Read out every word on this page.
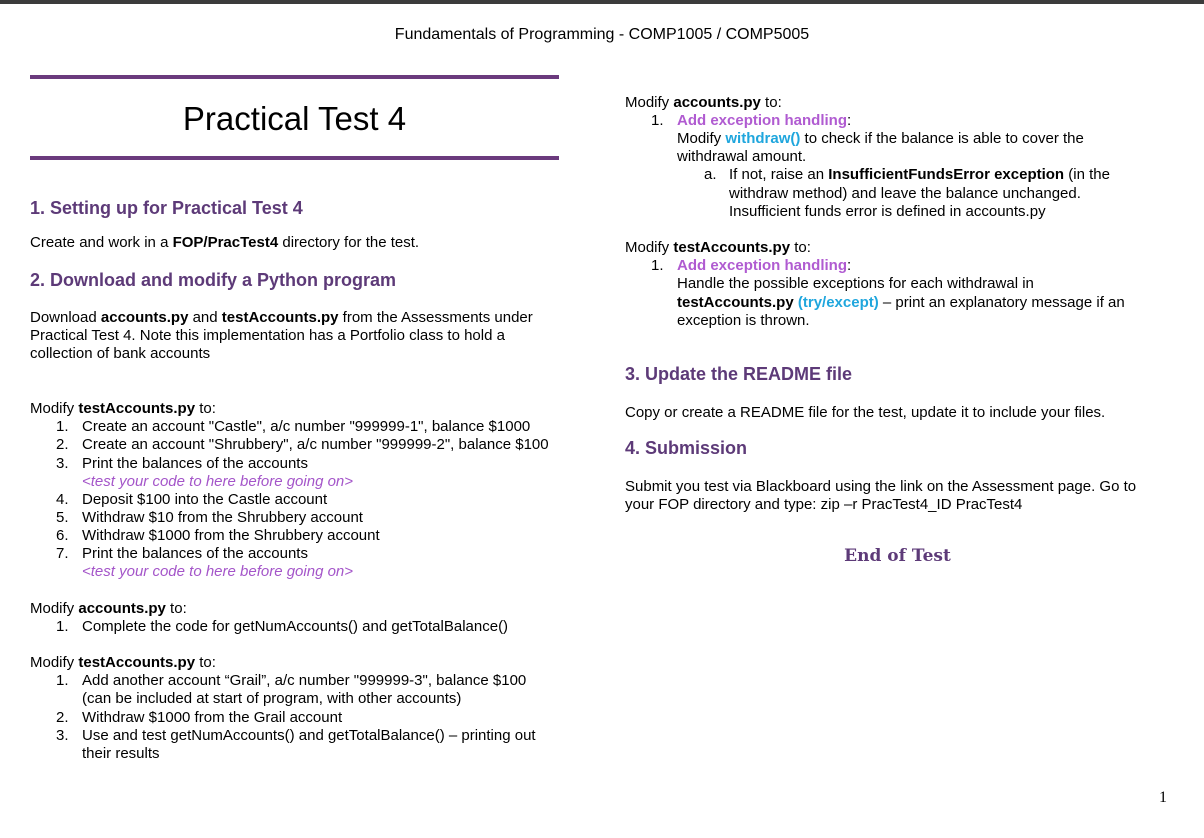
Fundamentals of Programming - COMP1005 / COMP5005
Practical Test 4
1. Setting up for Practical Test 4
Create and work in a FOP/PracTest4 directory for the test.
2. Download and modify a Python program
Download accounts.py and testAccounts.py from the Assessments under
Practical Test 4. Note this implementation has a Portfolio class to hold a
collection of bank accounts
Modify testAccounts.py to:
1. Create an account "Castle", a/c number "999999-1", balance $1000
2. Create an account "Shrubbery", a/c number "999999-2", balance $100
3. Print the balances of the accounts
<test your code to here before going on>
4. Deposit $100 into the Castle account
5. Withdraw $10 from the Shrubbery account
6. Withdraw $1000 from the Shrubbery account
7. Print the balances of the accounts
<test your code to here before going on>
Modify accounts.py to:
1. Complete the code for getNumAccounts() and getTotalBalance()
Modify testAccounts.py to:
1. Add another account “Grail”, a/c number "999999-3", balance $100
(can be included at start of program, with other accounts)
2. Withdraw $1000 from the Grail account
3. Use and test getNumAccounts() and getTotalBalance() – printing out
their results
Modify accounts.py to:
1. Add exception handling:
Modify withdraw() to check if the balance is able to cover the
withdrawal amount.
a. If not, raise an InsufficientFundsError exception (in the
withdraw method) and leave the balance unchanged.
Insufficient funds error is defined in accounts.py
Modify testAccounts.py to:
1. Add exception handling:
Handle the possible exceptions for each withdrawal in
testAccounts.py (try/except) – print an explanatory message if an
exception is thrown.
3. Update the README file
Copy or create a README file for the test, update it to include your files.
4. Submission
Submit you test via Blackboard using the link on the Assessment page. Go to
your FOP directory and type: zip –r PracTest4_ID PracTest4
End of Test
1
